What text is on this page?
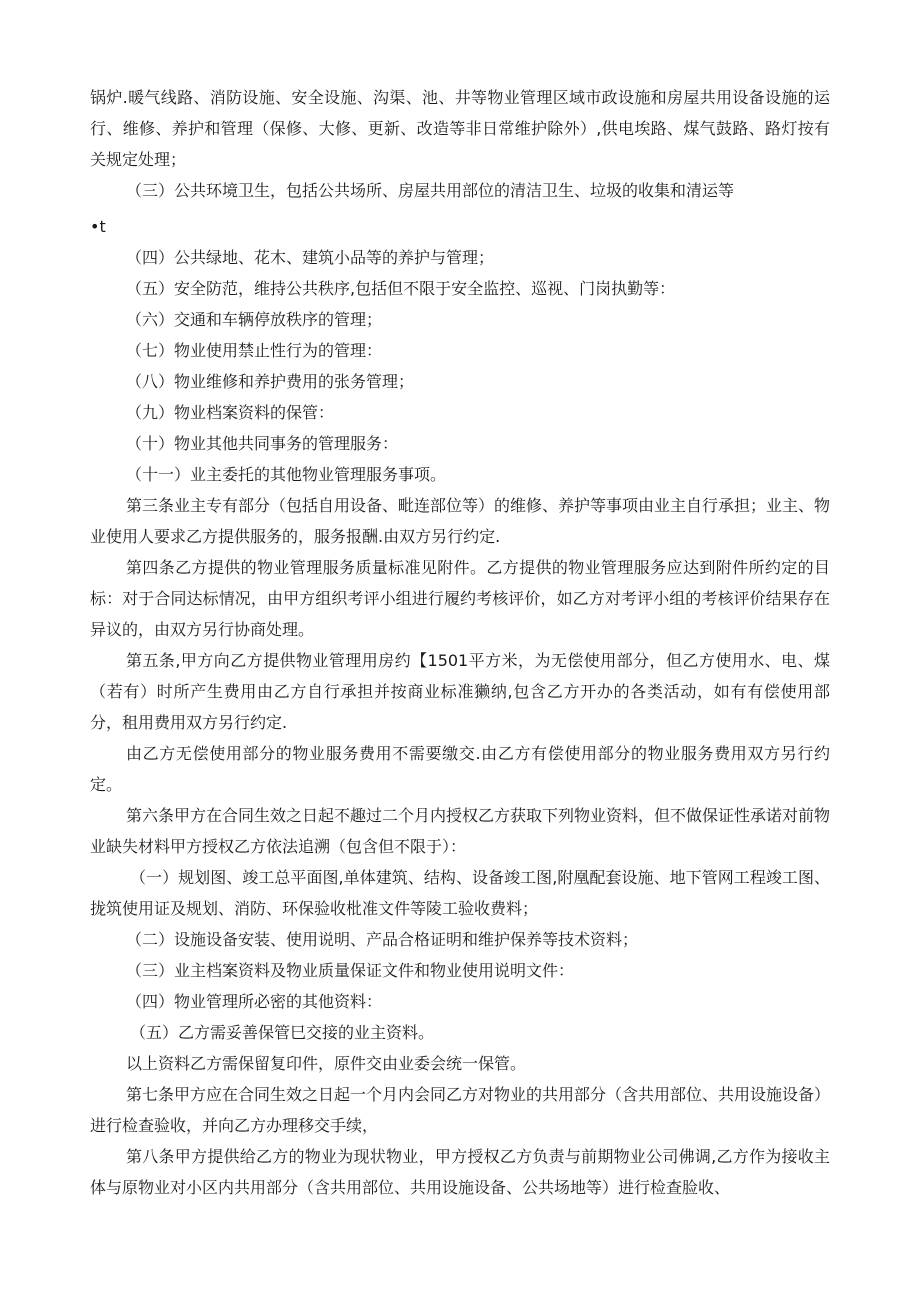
锅炉.暖气线路、消防设施、安全设施、沟渠、池、井等物业管理区域市政设施和房屋共用设备设施的运行、维修、养护和管理（保修、大修、更新、改造等非日常维护除外）,供电埃路、煤气鼓路、路灯按有关规定处理；

（三）公共环境卫生，包括公共场所、房屋共用部位的清洁卫生、垃圾的收集和清运等

•t

（四）公共绿地、花木、建筑小品等的养护与管理；

（五）安全防范，维持公共秩序,包括但不限于安全监控、巡视、门岗执勤等：

（六）交通和车辆停放秩序的管理；

（七）物业使用禁止性行为的管理：

（八）物业维修和养护费用的张务管理；

（九）物业档案资料的保管：

（十）物业其他共同事务的管理服务：

（十一）业主委托的其他物业管理服务事项。

第三条业主专有部分（包括自用设备、毗连部位等）的维修、养护等事项由业主自行承担；业主、物业使用人要求乙方提供服务的，服务报酬.由双方另行约定.

第四条乙方提供的物业管理服务质量标准见附件。乙方提供的物业管理服务应达到附件所约定的目标：对于合同达标情况，由甲方组织考评小组进行履约考核评价，如乙方对考评小组的考核评价结果存在异议的，由双方另行协商处理。

第五条,甲方向乙方提供物业管理用房约【1501平方米，为无偿使用部分，但乙方使用水、电、煤（若有）时所产生费用由乙方自行承担并按商业标准獭纳,包含乙方开办的各类活动，如有有偿使用部分，租用费用双方另行约定.

由乙方无偿使用部分的物业服务费用不需要缴交.由乙方有偿使用部分的物业服务费用双方另行约定。

第六条甲方在合同生效之日起不趣过二个月内授权乙方获取下列物业资料，但不做保证性承诺对前物业缺失材料甲方授权乙方依法追溯（包含但不限于）：

（一）规划图、竣工总平面图,单体建筑、结构、设备竣工图,附凰配套设施、地下管网工程竣工图、拢筑使用证及规划、消防、环保验收枇准文件等陵工验收费料；

（二）设施设备安装、使用说明、产品合格证明和维护保养等技术资料；

（三）业主档案资料及物业质量保证文件和物业使用说明文件：

（四）物业管理所必密的其他资料：

（五）乙方需妥善保管巳交接的业主资料。

以上资料乙方需保留复印件，原件交由业委会统一保管。

第七条甲方应在合同生效之日起一个月内会同乙方对物业的共用部分（含共用部位、共用设施设备）进行检查验收，并向乙方办理移交手续，

第八条甲方提供给乙方的物业为现状物业，甲方授权乙方负责与前期物业公司佛调,乙方作为接收主体与原物业对小区内共用部分（含共用部位、共用设施设备、公共场地等）进行检查脸收、
